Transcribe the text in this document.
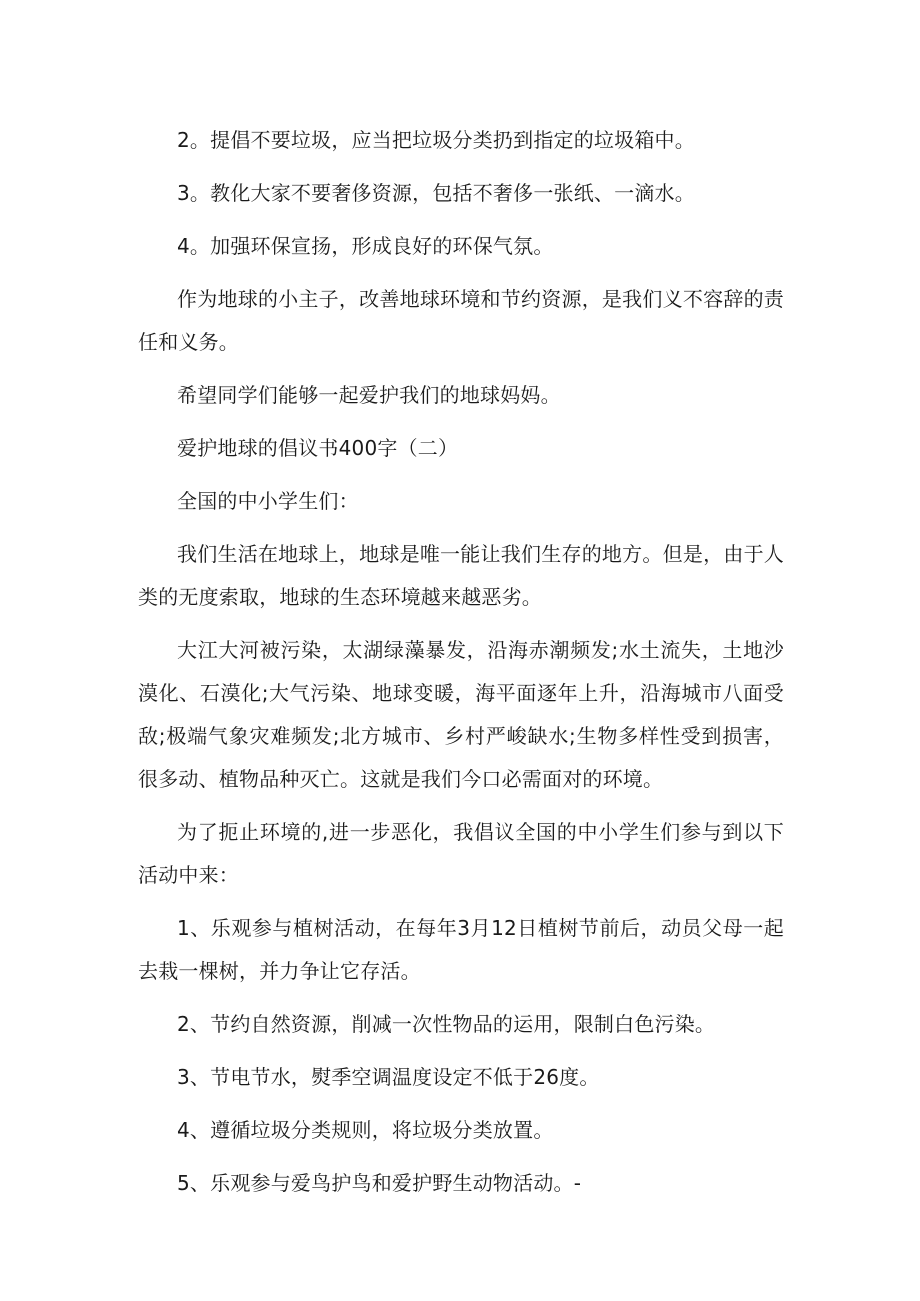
2。提倡不要垃圾，应当把垃圾分类扔到指定的垃圾箱中。

3。教化大家不要奢侈资源，包括不奢侈一张纸、一滴水。

4。加强环保宣扬，形成良好的环保气氛。

作为地球的小主子，改善地球环境和节约资源，是我们义不容辞的责任和义务。

希望同学们能够一起爱护我们的地球妈妈。

爱护地球的倡议书400字（二）

全国的中小学生们：

我们生活在地球上，地球是唯一能让我们生存的地方。但是，由于人类的无度索取，地球的生态环境越来越恶劣。

大江大河被污染，太湖绿藻暴发，沿海赤潮频发;水土流失，土地沙漠化、石漠化;大气污染、地球变暖，海平面逐年上升，沿海城市八面受敌;极端气象灾难频发;北方城市、乡村严峻缺水;生物多样性受到损害，很多动、植物品种灭亡。这就是我们今口必需面对的环境。

为了扼止环境的,进一步恶化，我倡议全国的中小学生们参与到以下活动中来：

1、乐观参与植树活动，在每年3月12日植树节前后，动员父母一起去栽一棵树，并力争让它存活。

2、节约自然资源，削减一次性物品的运用，限制白色污染。

3、节电节水，熨季空调温度设定不低于26度。

4、遵循垃圾分类规则，将垃圾分类放置。

5、乐观参与爱鸟护鸟和爱护野生动物活动。-
